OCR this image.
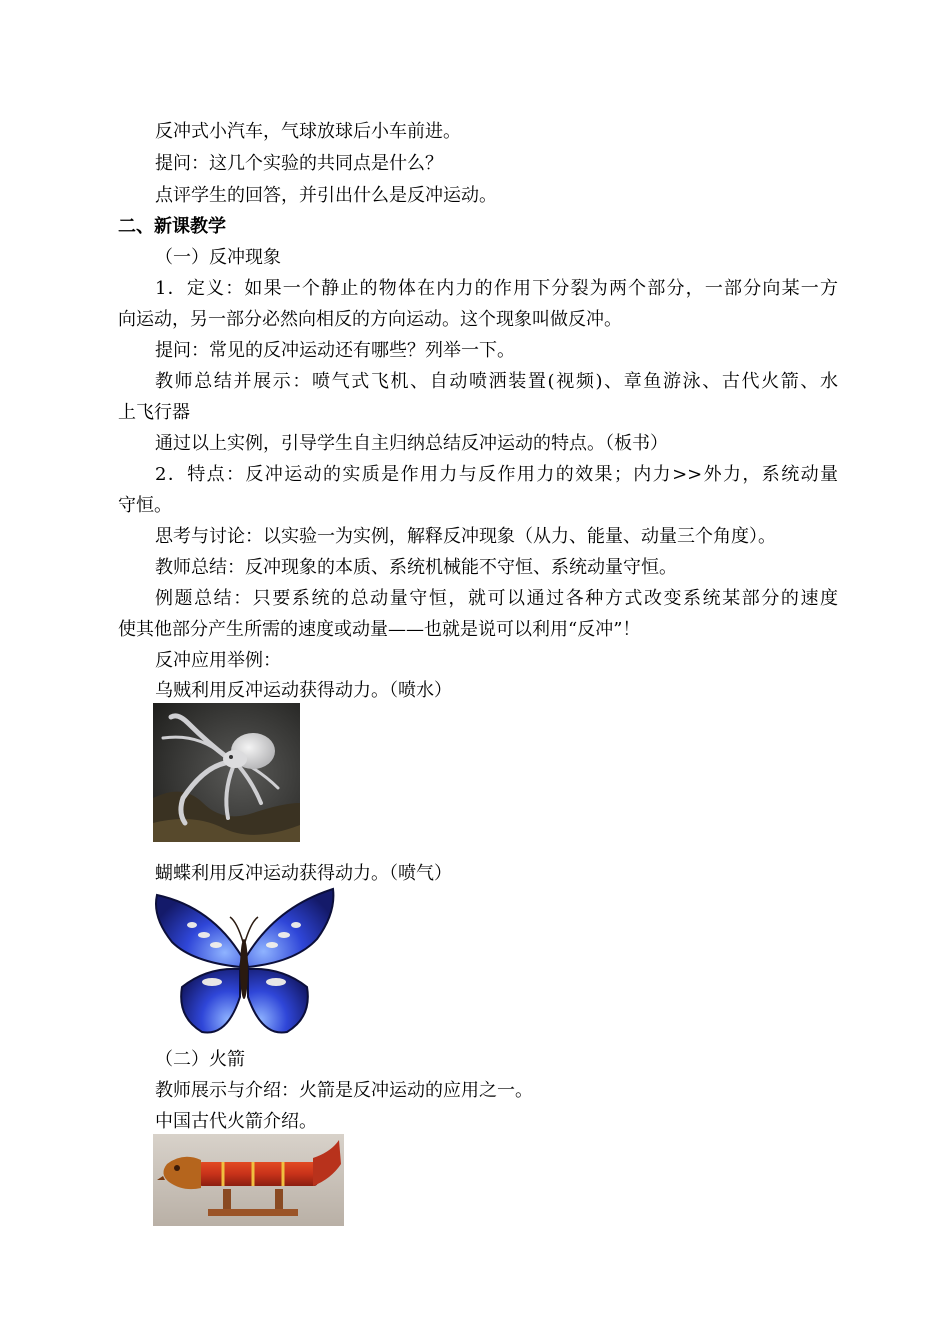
反冲式小汽车，气球放球后小车前进。
提问：这几个实验的共同点是什么？
点评学生的回答，并引出什么是反冲运动。
二、新课教学
（一）反冲现象
1．定义：如果一个静止的物体在内力的作用下分裂为两个部分，一部分向某一方
向运动，另一部分必然向相反的方向运动。这个现象叫做反冲。
提问：常见的反冲运动还有哪些？列举一下。
教师总结并展示：喷气式飞机、自动喷洒装置(视频)、章鱼游泳、古代火箭、水
上飞行器
通过以上实例，引导学生自主归纳总结反冲运动的特点。（板书）
2．特点：反冲运动的实质是作用力与反作用力的效果；内力>>外力，系统动量
守恒。
思考与讨论：以实验一为实例，解释反冲现象（从力、能量、动量三个角度）。
教师总结：反冲现象的本质、系统机械能不守恒、系统动量守恒。
例题总结：只要系统的总动量守恒，就可以通过各种方式改变系统某部分的速度
使其他部分产生所需的速度或动量——也就是说可以利用“反冲”！
反冲应用举例：
乌贼利用反冲运动获得动力。（喷水）
蝴蝶利用反冲运动获得动力。（喷气）
（二）火箭
教师展示与介绍：火箭是反冲运动的应用之一。
中国古代火箭介绍。
